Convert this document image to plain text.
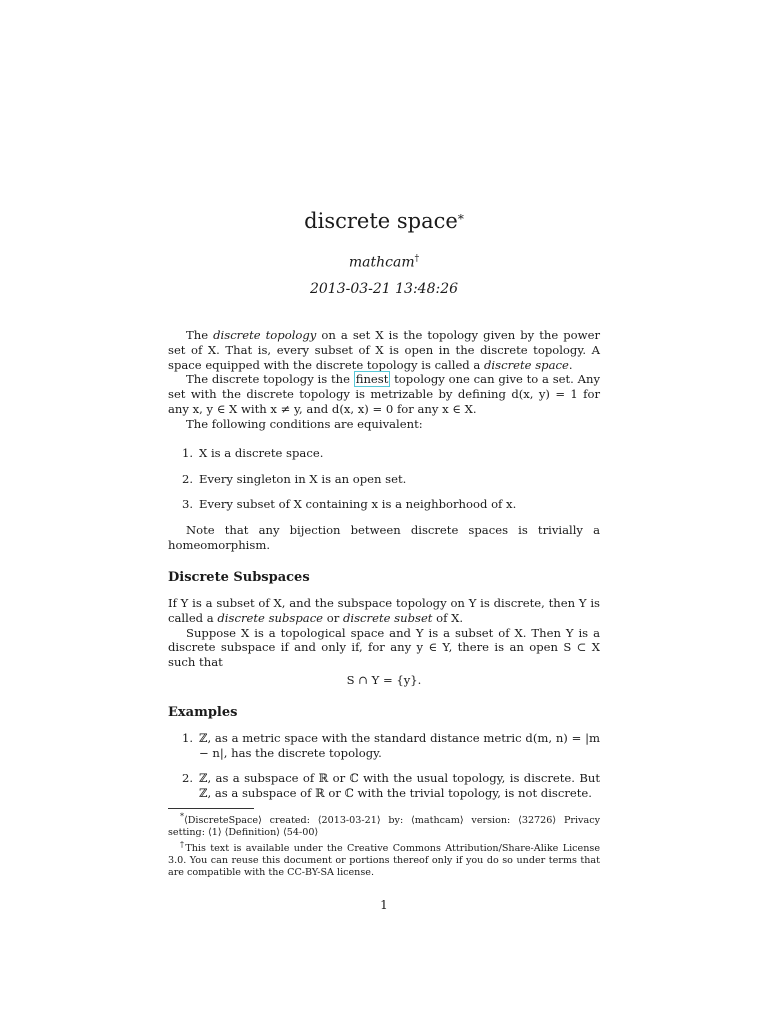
discrete space*
mathcam†
2013-03-21 13:48:26

The discrete topology on a set X is the topology given by the power set of X. That is, every subset of X is open in the discrete topology. A space equipped with the discrete topology is called a discrete space.

The discrete topology is the finest topology one can give to a set. Any set with the discrete topology is metrizable by defining d(x, y) = 1 for any x, y ∈ X with x ≠ y, and d(x, x) = 0 for any x ∈ X.

The following conditions are equivalent:

1. X is a discrete space.
2. Every singleton in X is an open set.
3. Every subset of X containing x is a neighborhood of x.

Note that any bijection between discrete spaces is trivially a homeomorphism.

Discrete Subspaces

If Y is a subset of X, and the subspace topology on Y is discrete, then Y is called a discrete subspace or discrete subset of X.

Suppose X is a topological space and Y is a subset of X. Then Y is a discrete subspace if and only if, for any y ∈ Y, there is an open S ⊂ X such that

S ∩ Y = {y}.
Examples
1. ℤ, as a metric space with the standard distance metric d(m, n) = |m − n|, has the discrete topology.
2. ℤ, as a subspace of ℝ or ℂ with the usual topology, is discrete. But ℤ, as a subspace of ℝ or ℂ with the trivial topology, is not discrete.

*⟨DiscreteSpace⟩ created: ⟨2013-03-21⟩ by: ⟨mathcam⟩ version: ⟨32726⟩ Privacy setting: ⟨1⟩ ⟨Definition⟩ ⟨54-00⟩

†This text is available under the Creative Commons Attribution/Share-Alike License 3.0. You can reuse this document or portions thereof only if you do so under terms that are compatible with the CC-BY-SA license.

1
